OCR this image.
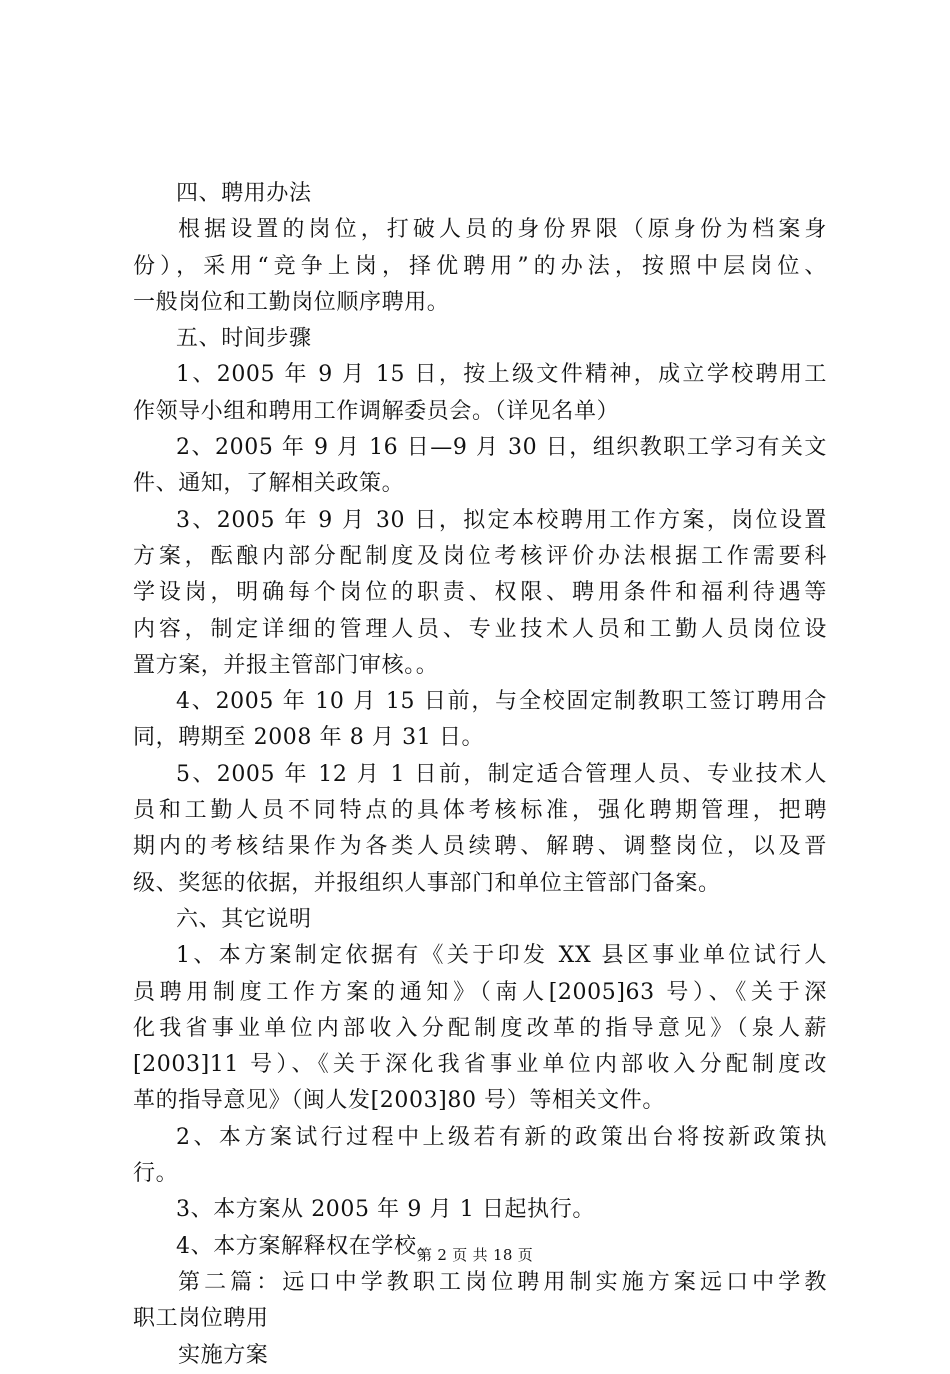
四、聘用办法
根据设置的岗位，打破人员的身份界限（原身份为档案身
份），采用“竞争上岗，择优聘用”的办法，按照中层岗位、
一般岗位和工勤岗位顺序聘用。
五、时间步骤
1、2005 年 9 月 15 日，按上级文件精神，成立学校聘用工
作领导小组和聘用工作调解委员会。（详见名单）
2、2005 年 9 月 16 日—9 月 30 日，组织教职工学习有关文
件、通知，了解相关政策。
3、2005 年 9 月 30 日，拟定本校聘用工作方案，岗位设置
方案，酝酿内部分配制度及岗位考核评价办法根据工作需要科
学设岗，明确每个岗位的职责、权限、聘用条件和福利待遇等
内容，制定详细的管理人员、专业技术人员和工勤人员岗位设
置方案，并报主管部门审核。。
4、2005 年 10 月 15 日前，与全校固定制教职工签订聘用合
同，聘期至 2008 年 8 月 31 日。
5、2005 年 12 月 1 日前，制定适合管理人员、专业技术人
员和工勤人员不同特点的具体考核标准，强化聘期管理，把聘
期内的考核结果作为各类人员续聘、解聘、调整岗位，以及晋
级、奖惩的依据，并报组织人事部门和单位主管部门备案。
六、其它说明
1、本方案制定依据有《关于印发 XX 县区事业单位试行人
员聘用制度工作方案的通知》（南人[2005]63 号）、《关于深
化我省事业单位内部收入分配制度改革的指导意见》（泉人薪
[2003]11 号）、《关于深化我省事业单位内部收入分配制度改
革的指导意见》（闽人发[2003]80 号）等相关文件。
2、本方案试行过程中上级若有新的政策出台将按新政策执
行。
3、本方案从 2005 年 9 月 1 日起执行。
4、本方案解释权在学校。
第二篇：远口中学教职工岗位聘用制实施方案远口中学教
职工岗位聘用
实施方案
第 2 页 共 18 页
